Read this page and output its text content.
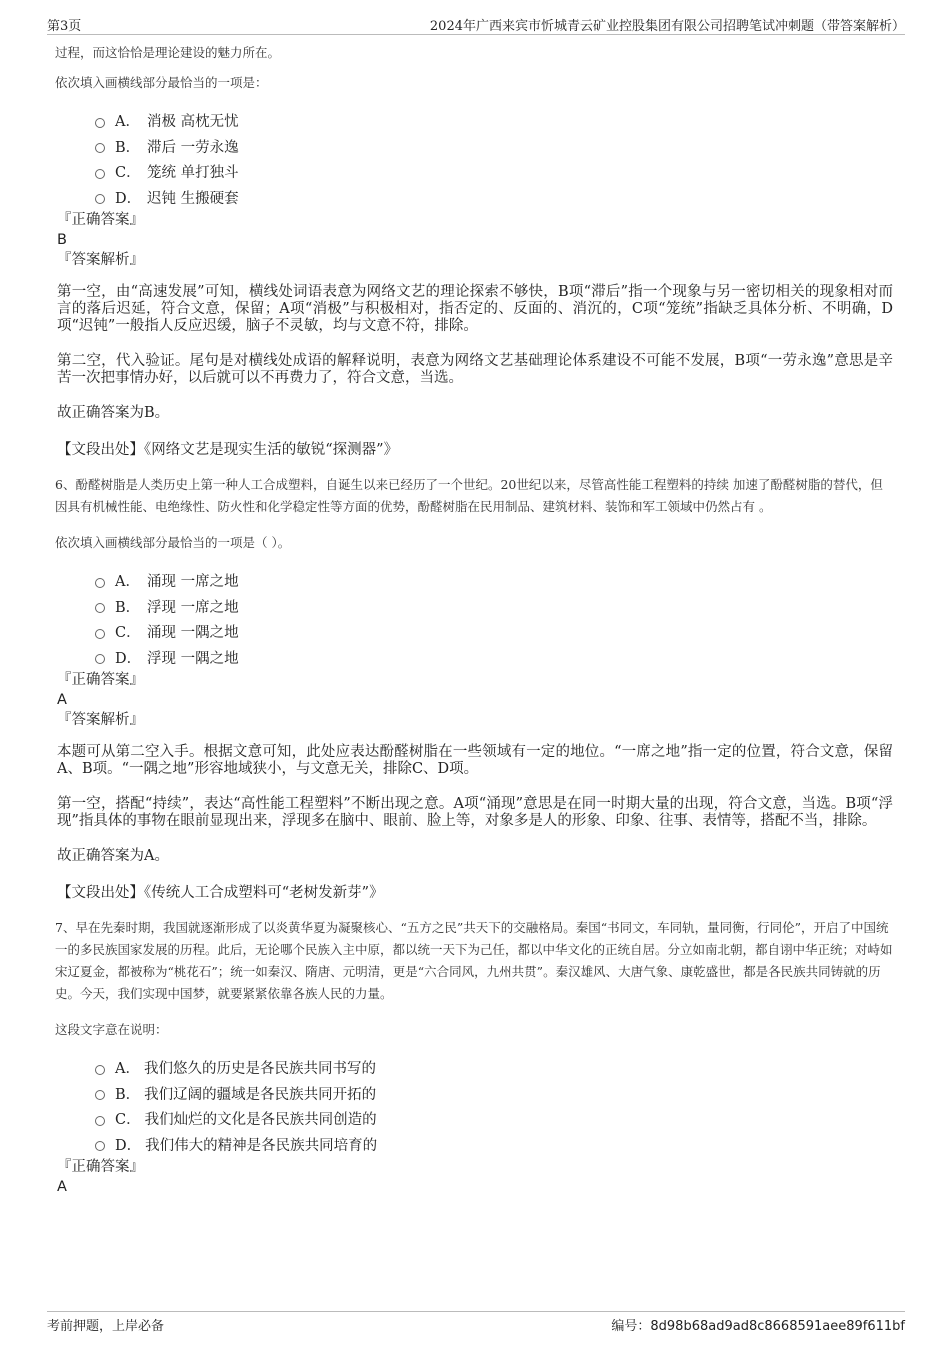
第3页	2024年广西来宾市忻城青云矿业控股集团有限公司招聘笔试冲刺题（带答案解析）

过程，而这恰恰是理论建设的魅力所在。

依次填入画横线部分最恰当的一项是：

A． 消极 高枕无忧
B． 滞后 一劳永逸
C． 笼统 单打独斗
D． 迟钝 生搬硬套
『正确答案』
B
『答案解析』

第一空，由“高速发展”可知，横线处词语表意为网络文艺的理论探索不够快，B项“滞后”指一个现象与另一密切相关的现象相对而言的落后迟延，符合文意，保留；A项“消极”与积极相对，指否定的、反面的、消沉的，C项“笼统”指缺乏具体分析、不明确，D项“迟钝”一般指人反应迟缓，脑子不灵敏，均与文意不符，排除。

第二空，代入验证。尾句是对横线处成语的解释说明，表意为网络文艺基础理论体系建设不可能不发展，B项“一劳永逸”意思是辛苦一次把事情办好，以后就可以不再费力了，符合文意，当选。

故正确答案为B。

【文段出处】《网络文艺是现实生活的敏锐“探测器”》

6、酚醛树脂是人类历史上第一种人工合成塑料，自诞生以来已经历了一个世纪。20世纪以来，尽管高性能工程塑料的持续 加速了酚醛树脂的替代，但因具有机械性能、电绝缘性、防火性和化学稳定性等方面的优势，酚醛树脂在民用制品、建筑材料、装饰和军工领域中仍然占有 。

依次填入画横线部分最恰当的一项是（ ）。

A． 涌现 一席之地
B． 浮现 一席之地
C． 涌现 一隅之地
D． 浮现 一隅之地
『正确答案』
A
『答案解析』

本题可从第二空入手。根据文意可知，此处应表达酚醛树脂在一些领域有一定的地位。“一席之地”指一定的位置，符合文意，保留A、B项。“一隅之地”形容地域狭小，与文意无关，排除C、D项。

第一空，搭配“持续”，表达“高性能工程塑料”不断出现之意。A项“涌现”意思是在同一时期大量的出现，符合文意，当选。B项“浮现”指具体的事物在眼前显现出来，浮现多在脑中、眼前、脸上等，对象多是人的形象、印象、往事、表情等，搭配不当，排除。

故正确答案为A。

【文段出处】《传统人工合成塑料可“老树发新芽”》

7、早在先秦时期，我国就逐渐形成了以炎黄华夏为凝聚核心、“五方之民”共天下的交融格局。秦国“书同文，车同轨，量同衡，行同伦”，开启了中国统一的多民族国家发展的历程。此后，无论哪个民族入主中原，都以统一天下为己任，都以中华文化的正统自居。分立如南北朝，都自诩中华正统；对峙如宋辽夏金，都被称为“桃花石”；统一如秦汉、隋唐、元明清，更是“六合同风，九州共贯”。秦汉雄风、大唐气象、康乾盛世，都是各民族共同铸就的历史。今天，我们实现中国梦，就要紧紧依靠各族人民的力量。

这段文字意在说明：

A． 我们悠久的历史是各民族共同书写的
B． 我们辽阔的疆域是各民族共同开拓的
C． 我们灿烂的文化是各民族共同创造的
D． 我们伟大的精神是各民族共同培育的
『正确答案』
A
考前押题，上岸必备	编号：8d98b68ad9ad8c8668591aee89f611bf
